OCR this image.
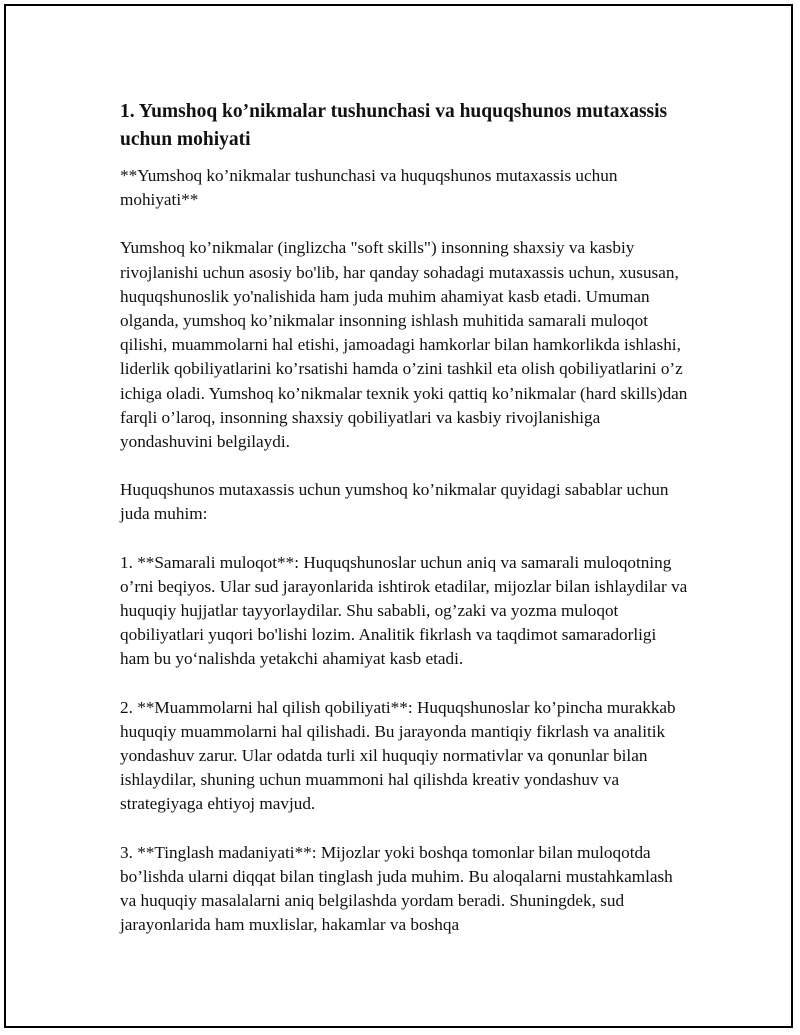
1. Yumshoq ko’nikmalar tushunchasi va huquqshunos mutaxassis uchun mohiyati

**Yumshoq ko’nikmalar tushunchasi va huquqshunos mutaxassis uchun mohiyati**

Yumshoq ko’nikmalar (inglizcha "soft skills") insonning shaxsiy va kasbiy rivojlanishi uchun asosiy bo'lib, har qanday sohadagi mutaxassis uchun, xususan, huquqshunoslik yo'nalishida ham juda muhim ahamiyat kasb etadi. Umuman olganda, yumshoq ko’nikmalar insonning ishlash muhitida samarali muloqot qilishi, muammolarni hal etishi, jamoadagi hamkorlar bilan hamkorlikda ishlashi, liderlik qobiliyatlarini ko’rsatishi hamda o’zini tashkil eta olish qobiliyatlarini o’z ichiga oladi. Yumshoq ko’nikmalar texnik yoki qattiq ko’nikmalar (hard skills)dan farqli o’laroq, insonning shaxsiy qobiliyatlari va kasbiy rivojlanishiga yondashuvini belgilaydi.

Huquqshunos mutaxassis uchun yumshoq ko’nikmalar quyidagi sabablar uchun juda muhim:

1. **Samarali muloqot**: Huquqshunoslar uchun aniq va samarali muloqotning o’rni beqiyos. Ular sud jarayonlarida ishtirok etadilar, mijozlar bilan ishlaydilar va huquqiy hujjatlar tayyorlaydilar. Shu sababli, og’zaki va yozma muloqot qobiliyatlari yuqori bo'lishi lozim. Analitik fikrlash va taqdimot samaradorligi ham bu yo‘nalishda yetakchi ahamiyat kasb etadi.

2. **Muammolarni hal qilish qobiliyati**: Huquqshunoslar ko’pincha murakkab huquqiy muammolarni hal qilishadi. Bu jarayonda mantiqiy fikrlash va analitik yondashuv zarur. Ular odatda turli xil huquqiy normativlar va qonunlar bilan ishlaydilar, shuning uchun muammoni hal qilishda kreativ yondashuv va strategiyaga ehtiyoj mavjud.

3. **Tinglash madaniyati**: Mijozlar yoki boshqa tomonlar bilan muloqotda bo’lishda ularni diqqat bilan tinglash juda muhim. Bu aloqalarni mustahkamlash va huquqiy masalalarni aniq belgilashda yordam beradi. Shuningdek, sud jarayonlarida ham muxlislar, hakamlar va boshqa
